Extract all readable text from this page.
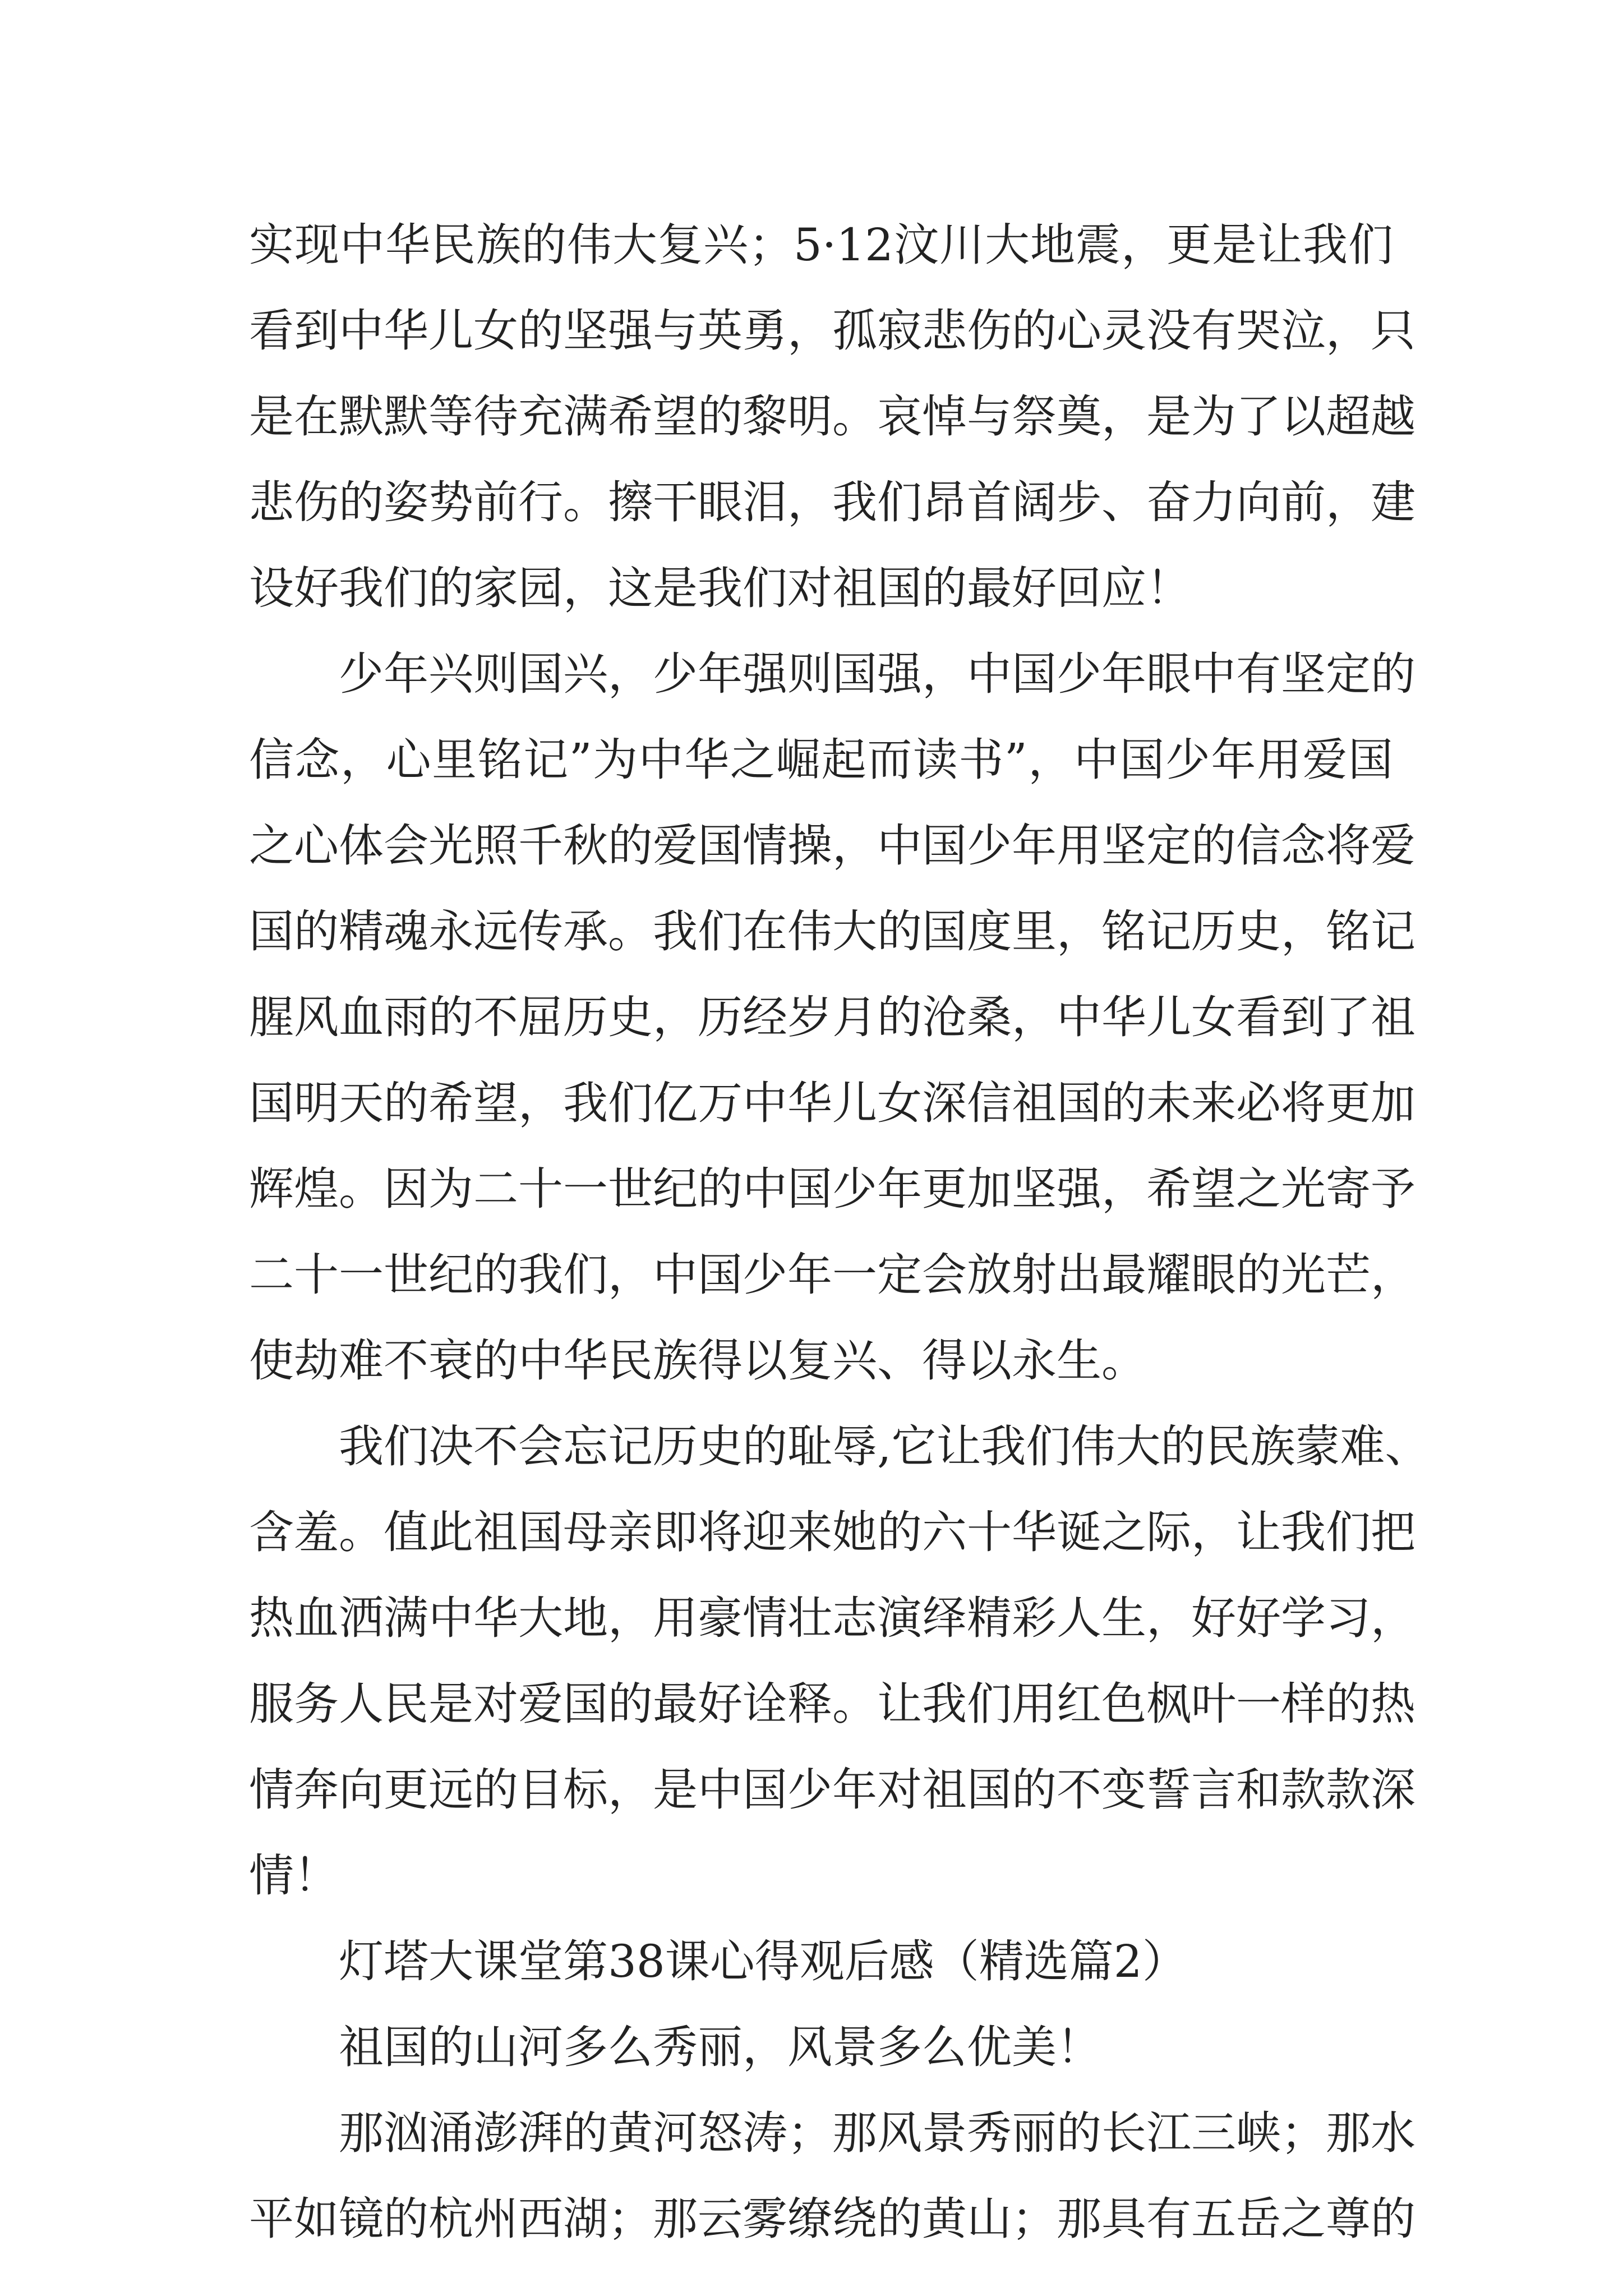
实现中华民族的伟大复兴；5·12汶川大地震，更是让我们
看到中华儿女的坚强与英勇，孤寂悲伤的心灵没有哭泣，只
是在默默等待充满希望的黎明。哀悼与祭奠，是为了以超越
悲伤的姿势前行。擦干眼泪，我们昂首阔步、奋力向前，建
设好我们的家园，这是我们对祖国的最好回应！
少年兴则国兴，少年强则国强，中国少年眼中有坚定的
信念，心里铭记”为中华之崛起而读书”，中国少年用爱国
之心体会光照千秋的爱国情操，中国少年用坚定的信念将爱
国的精魂永远传承。我们在伟大的国度里，铭记历史，铭记
腥风血雨的不屈历史，历经岁月的沧桑，中华儿女看到了祖
国明天的希望，我们亿万中华儿女深信祖国的未来必将更加
辉煌。因为二十一世纪的中国少年更加坚强，希望之光寄予
二十一世纪的我们，中国少年一定会放射出最耀眼的光芒，
使劫难不衰的中华民族得以复兴、得以永生。
我们决不会忘记历史的耻辱,它让我们伟大的民族蒙难、
含羞。值此祖国母亲即将迎来她的六十华诞之际，让我们把
热血洒满中华大地，用豪情壮志演绎精彩人生，好好学习，
服务人民是对爱国的最好诠释。让我们用红色枫叶一样的热
情奔向更远的目标，是中国少年对祖国的不变誓言和款款深
情！
灯塔大课堂第38课心得观后感（精选篇2）
祖国的山河多么秀丽，风景多么优美！
那汹涌澎湃的黄河怒涛；那风景秀丽的长江三峡；那水
平如镜的杭州西湖；那云雾缭绕的黄山；那具有五岳之尊的
